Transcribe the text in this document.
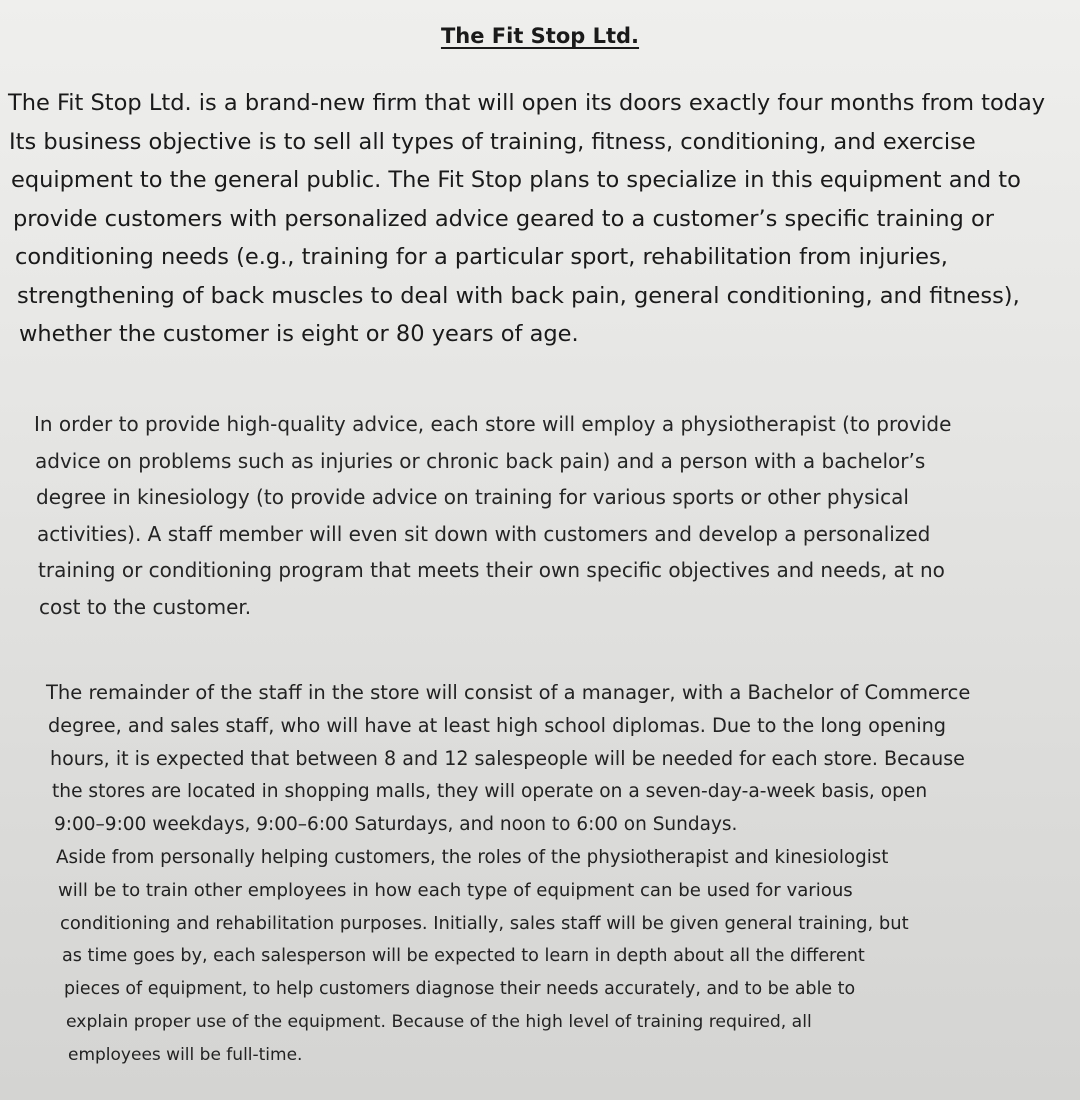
The Fit Stop Ltd.

The Fit Stop Ltd. is a brand-new firm that will open its doors exactly four months from today
Its business objective is to sell all types of training, fitness, conditioning, and exercise
equipment to the general public. The Fit Stop plans to specialize in this equipment and to
provide customers with personalized advice geared to a customer’s specific training or
conditioning needs (e.g., training for a particular sport, rehabilitation from injuries,
strengthening of back muscles to deal with back pain, general conditioning, and fitness),
whether the customer is eight or 80 years of age.

In order to provide high-quality advice, each store will employ a physiotherapist (to provide
advice on problems such as injuries or chronic back pain) and a person with a bachelor’s
degree in kinesiology (to provide advice on training for various sports or other physical
activities). A staff member will even sit down with customers and develop a personalized
training or conditioning program that meets their own specific objectives and needs, at no
cost to the customer.

The remainder of the staff in the store will consist of a manager, with a Bachelor of Commerce
degree, and sales staff, who will have at least high school diplomas. Due to the long opening
hours, it is expected that between 8 and 12 salespeople will be needed for each store. Because
the stores are located in shopping malls, they will operate on a seven-day-a-week basis, open
9:00–9:00 weekdays, 9:00–6:00 Saturdays, and noon to 6:00 on Sundays.
Aside from personally helping customers, the roles of the physiotherapist and kinesiologist
will be to train other employees in how each type of equipment can be used for various
conditioning and rehabilitation purposes. Initially, sales staff will be given general training, but
as time goes by, each salesperson will be expected to learn in depth about all the different
pieces of equipment, to help customers diagnose their needs accurately, and to be able to
explain proper use of the equipment. Because of the high level of training required, all
employees will be full-time.
